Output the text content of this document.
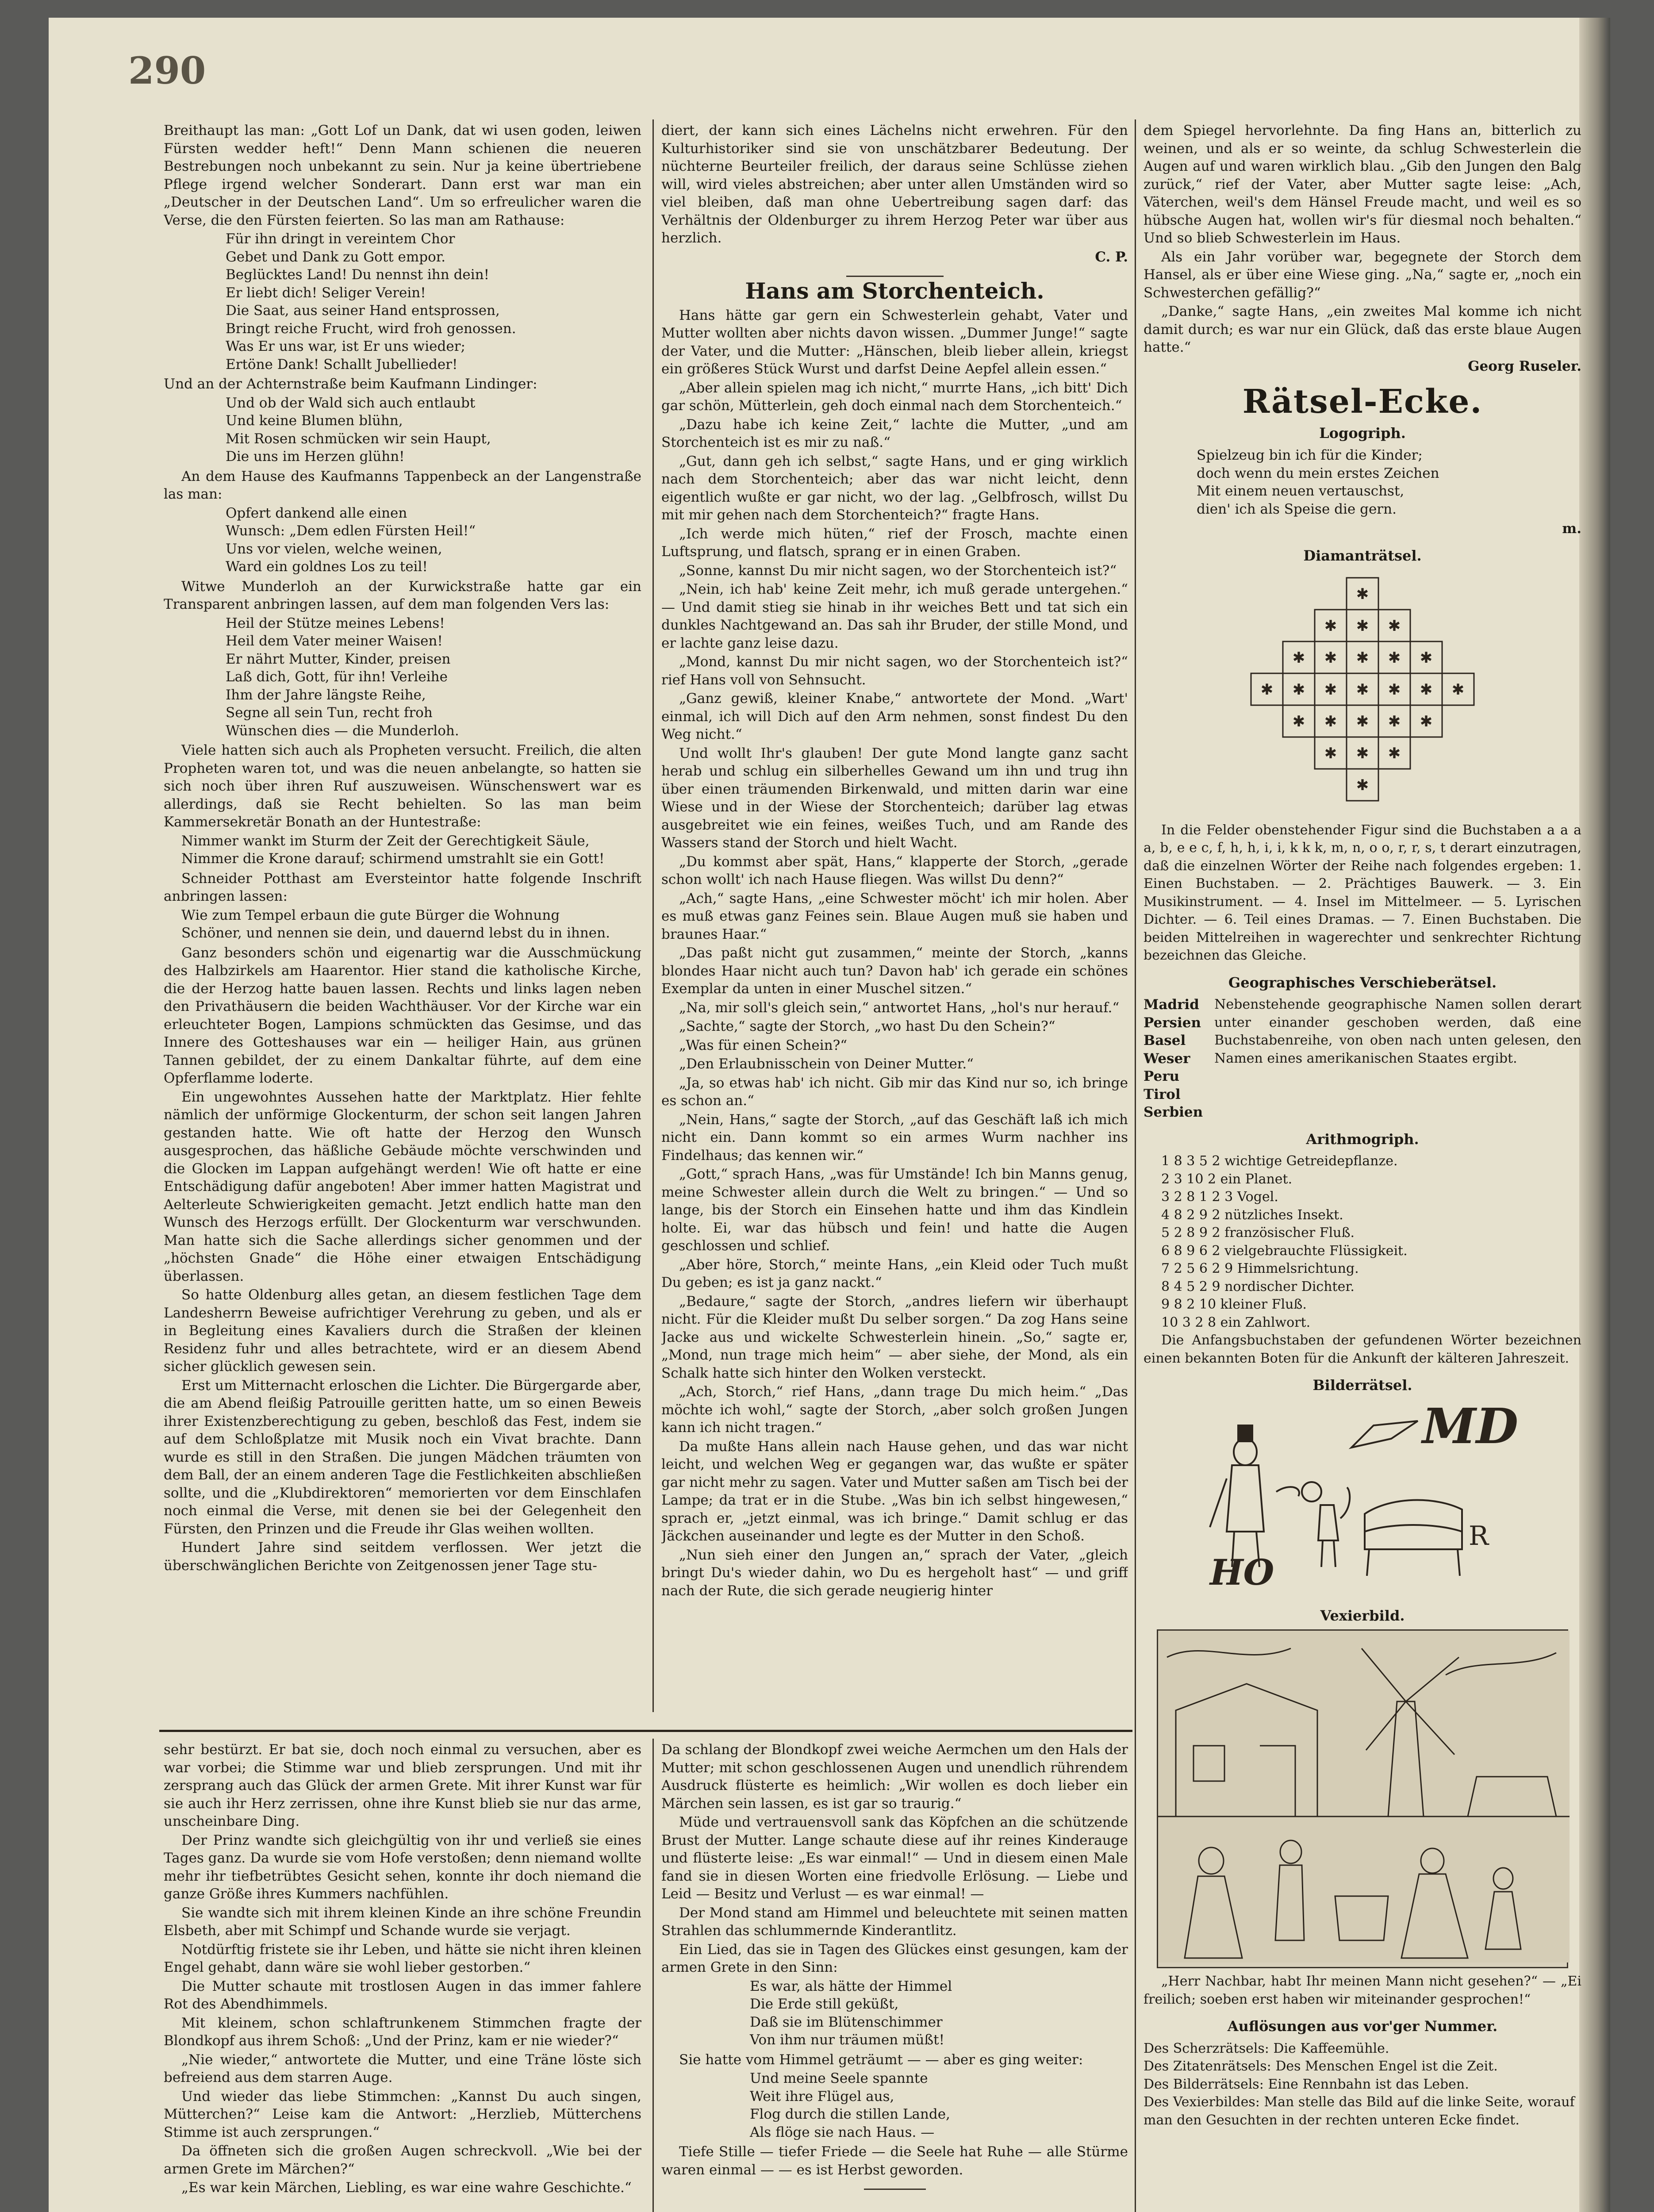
290

Breithaupt las man: „Gott Lof un Dank, dat wi usen goden, leiwen Fürsten wedder heft!“ Denn Mann schienen die neueren Bestrebungen noch unbekannt zu sein. Nur ja keine übertriebene Pflege irgend welcher Sonderart. Dann erst war man ein „Deutscher in der Deutschen Land“. Um so erfreulicher waren die Verse, die den Fürsten feierten. So las man am Rathause:

Für ihn dringt in vereintem Chor
Gebet und Dank zu Gott empor.
Beglücktes Land! Du nennst ihn dein!
Er liebt dich! Seliger Verein!
Die Saat, aus seiner Hand entsprossen,
Bringt reiche Frucht, wird froh genossen.
Was Er uns war, ist Er uns wieder;
Ertöne Dank! Schallt Jubellieder!

Und an der Achternstraße beim Kaufmann Lindinger:

Und ob der Wald sich auch entlaubt
Und keine Blumen blühn,
Mit Rosen schmücken wir sein Haupt,
Die uns im Herzen glühn!

An dem Hause des Kaufmanns Tappenbeck an der Langenstraße las man:

Opfert dankend alle einen
Wunsch: „Dem edlen Fürsten Heil!“
Uns vor vielen, welche weinen,
Ward ein goldnes Los zu teil!

Witwe Munderloh an der Kurwickstraße hatte gar ein Transparent anbringen lassen, auf dem man folgenden Vers las:

Heil der Stütze meines Lebens!
Heil dem Vater meiner Waisen!
Er nährt Mutter, Kinder, preisen
Laß dich, Gott, für ihn! Verleihe
Ihm der Jahre längste Reihe,
Segne all sein Tun, recht froh
Wünschen dies — die Munderloh.

Viele hatten sich auch als Propheten versucht. Freilich, die alten Propheten waren tot, und was die neuen anbelangte, so hatten sie sich noch über ihren Ruf auszuweisen. Wünschenswert war es allerdings, daß sie Recht behielten. So las man beim Kammersekretär Bonath an der Huntestraße:

Nimmer wankt im Sturm der Zeit der Gerechtigkeit Säule,
Nimmer die Krone darauf; schirmend umstrahlt sie ein Gott!

Schneider Potthast am Eversteintor hatte folgende Inschrift anbringen lassen:

Wie zum Tempel erbaun die gute Bürger die Wohnung
Schöner, und nennen sie dein, und dauernd lebst du in ihnen.

Ganz besonders schön und eigenartig war die Ausschmückung des Halbzirkels am Haarentor. Hier stand die katholische Kirche, die der Herzog hatte bauen lassen. Rechts und links lagen neben den Privathäusern die beiden Wachthäuser. Vor der Kirche war ein erleuchteter Bogen, Lampions schmückten das Gesimse, und das Innere des Gotteshauses war ein — heiliger Hain, aus grünen Tannen gebildet, der zu einem Dankaltar führte, auf dem eine Opferflamme loderte.

Ein ungewohntes Aussehen hatte der Marktplatz. Hier fehlte nämlich der unförmige Glockenturm, der schon seit langen Jahren gestanden hatte. Wie oft hatte der Herzog den Wunsch ausgesprochen, das häßliche Gebäude möchte verschwinden und die Glocken im Lappan aufgehängt werden! Wie oft hatte er eine Entschädigung dafür angeboten! Aber immer hatten Magistrat und Aelterleute Schwierigkeiten gemacht. Jetzt endlich hatte man den Wunsch des Herzogs erfüllt. Der Glockenturm war verschwunden. Man hatte sich die Sache allerdings sicher genommen und der „höchsten Gnade“ die Höhe einer etwaigen Entschädigung überlassen.

So hatte Oldenburg alles getan, an diesem festlichen Tage dem Landesherrn Beweise aufrichtiger Verehrung zu geben, und als er in Begleitung eines Kavaliers durch die Straßen der kleinen Residenz fuhr und alles betrachtete, wird er an diesem Abend sicher glücklich gewesen sein.

Erst um Mitternacht erloschen die Lichter. Die Bürgergarde aber, die am Abend fleißig Patrouille geritten hatte, um so einen Beweis ihrer Existenzberechtigung zu geben, beschloß das Fest, indem sie auf dem Schloßplatze mit Musik noch ein Vivat brachte. Dann wurde es still in den Straßen. Die jungen Mädchen träumten von dem Ball, der an einem anderen Tage die Festlichkeiten abschließen sollte, und die „Klubdirektoren“ memorierten vor dem Einschlafen noch einmal die Verse, mit denen sie bei der Gelegenheit den Fürsten, den Prinzen und die Freude ihr Glas weihen wollten.

Hundert Jahre sind seitdem verflossen. Wer jetzt die überschwänglichen Berichte von Zeitgenossen jener Tage stu-

diert, der kann sich eines Lächelns nicht erwehren. Für den Kulturhistoriker sind sie von unschätzbarer Bedeutung. Der nüchterne Beurteiler freilich, der daraus seine Schlüsse ziehen will, wird vieles abstreichen; aber unter allen Umständen wird so viel bleiben, daß man ohne Uebertreibung sagen darf: das Verhältnis der Oldenburger zu ihrem Herzog Peter war über aus herzlich.

C. P.
Hans am Storchenteich.

Hans hätte gar gern ein Schwesterlein gehabt, Vater und Mutter wollten aber nichts davon wissen. „Dummer Junge!“ sagte der Vater, und die Mutter: „Hänschen, bleib lieber allein, kriegst ein größeres Stück Wurst und darfst Deine Aepfel allein essen.“

„Aber allein spielen mag ich nicht,“ murrte Hans, „ich bitt' Dich gar schön, Mütterlein, geh doch einmal nach dem Storchenteich.“

„Dazu habe ich keine Zeit,“ lachte die Mutter, „und am Storchenteich ist es mir zu naß.“

„Gut, dann geh ich selbst,“ sagte Hans, und er ging wirklich nach dem Storchenteich; aber das war nicht leicht, denn eigentlich wußte er gar nicht, wo der lag. „Gelbfrosch, willst Du mit mir gehen nach dem Storchenteich?“ fragte Hans.

„Ich werde mich hüten,“ rief der Frosch, machte einen Luftsprung, und flatsch, sprang er in einen Graben.

„Sonne, kannst Du mir nicht sagen, wo der Storchenteich ist?“

„Nein, ich hab' keine Zeit mehr, ich muß gerade untergehen.“ — Und damit stieg sie hinab in ihr weiches Bett und tat sich ein dunkles Nachtgewand an. Das sah ihr Bruder, der stille Mond, und er lachte ganz leise dazu.

„Mond, kannst Du mir nicht sagen, wo der Storchenteich ist?“ rief Hans voll von Sehnsucht.

„Ganz gewiß, kleiner Knabe,“ antwortete der Mond. „Wart' einmal, ich will Dich auf den Arm nehmen, sonst findest Du den Weg nicht.“

Und wollt Ihr's glauben! Der gute Mond langte ganz sacht herab und schlug ein silberhelles Gewand um ihn und trug ihn über einen träumenden Birkenwald, und mitten darin war eine Wiese und in der Wiese der Storchenteich; darüber lag etwas ausgebreitet wie ein feines, weißes Tuch, und am Rande des Wassers stand der Storch und hielt Wacht.

„Du kommst aber spät, Hans,“ klapperte der Storch, „gerade schon wollt' ich nach Hause fliegen. Was willst Du denn?“

„Ach,“ sagte Hans, „eine Schwester möcht' ich mir holen. Aber es muß etwas ganz Feines sein. Blaue Augen muß sie haben und braunes Haar.“

„Das paßt nicht gut zusammen,“ meinte der Storch, „kanns blondes Haar nicht auch tun? Davon hab' ich gerade ein schönes Exemplar da unten in einer Muschel sitzen.“

„Na, mir soll's gleich sein,“ antwortet Hans, „hol's nur herauf.“

„Sachte,“ sagte der Storch, „wo hast Du den Schein?“

„Was für einen Schein?“

„Den Erlaubnisschein von Deiner Mutter.“

„Ja, so etwas hab' ich nicht. Gib mir das Kind nur so, ich bringe es schon an.“

„Nein, Hans,“ sagte der Storch, „auf das Geschäft laß ich mich nicht ein. Dann kommt so ein armes Wurm nachher ins Findelhaus; das kennen wir.“

„Gott,“ sprach Hans, „was für Umstände! Ich bin Manns genug, meine Schwester allein durch die Welt zu bringen.“ — Und so lange, bis der Storch ein Einsehen hatte und ihm das Kindlein holte. Ei, war das hübsch und fein! und hatte die Augen geschlossen und schlief.

„Aber höre, Storch,“ meinte Hans, „ein Kleid oder Tuch mußt Du geben; es ist ja ganz nackt.“

„Bedaure,“ sagte der Storch, „andres liefern wir überhaupt nicht. Für die Kleider mußt Du selber sorgen.“ Da zog Hans seine Jacke aus und wickelte Schwesterlein hinein. „So,“ sagte er, „Mond, nun trage mich heim“ — aber siehe, der Mond, als ein Schalk hatte sich hinter den Wolken versteckt.

„Ach, Storch,“ rief Hans, „dann trage Du mich heim.“ „Das möchte ich wohl,“ sagte der Storch, „aber solch großen Jungen kann ich nicht tragen.“

Da mußte Hans allein nach Hause gehen, und das war nicht leicht, und welchen Weg er gegangen war, das wußte er später gar nicht mehr zu sagen. Vater und Mutter saßen am Tisch bei der Lampe; da trat er in die Stube. „Was bin ich selbst hingewesen,“ sprach er, „jetzt einmal, was ich bringe.“ Damit schlug er das Jäckchen auseinander und legte es der Mutter in den Schoß.

„Nun sieh einer den Jungen an,“ sprach der Vater, „gleich bringt Du's wieder dahin, wo Du es hergeholt hast“ — und griff nach der Rute, die sich gerade neugierig hinter

dem Spiegel hervorlehnte. Da fing Hans an, bitterlich zu weinen, und als er so weinte, da schlug Schwesterlein die Augen auf und waren wirklich blau. „Gib den Jungen den Balg zurück,“ rief der Vater, aber Mutter sagte leise: „Ach, Väterchen, weil's dem Hänsel Freude macht, und weil es so hübsche Augen hat, wollen wir's für diesmal noch behalten.“ Und so blieb Schwesterlein im Haus.

Als ein Jahr vorüber war, begegnete der Storch dem Hansel, als er über eine Wiese ging. „Na,“ sagte er, „noch ein Schwesterchen gefällig?“

„Danke,“ sagte Hans, „ein zweites Mal komme ich nicht damit durch; es war nur ein Glück, daß das erste blaue Augen hatte.“

Georg Ruseler.
Rätsel-Ecke.
Logogriph.
Spielzeug bin ich für die Kinder;
doch wenn du mein erstes Zeichen
Mit einem neuen vertauschst,
dien' ich als Speise die gern.
m.
Diamanträtsel.
✱
✱ ✱ ✱
✱ ✱ ✱ ✱ ✱
✱ ✱ ✱ ✱ ✱ ✱ ✱
✱ ✱ ✱ ✱ ✱
✱ ✱ ✱
✱

In die Felder obenstehender Figur sind die Buchstaben a a a a, b, e e c, f, h, h, i, i, k k k, m, n, o o, r, r, s, t derart einzutragen, daß die einzelnen Wörter der Reihe nach folgendes ergeben: 1. Einen Buchstaben. — 2. Prächtiges Bauwerk. — 3. Ein Musikinstrument. — 4. Insel im Mittelmeer. — 5. Lyrischen Dichter. — 6. Teil eines Dramas. — 7. Einen Buchstaben. Die beiden Mittelreihen in wagerechter und senkrechter Richtung bezeichnen das Gleiche.

Geographisches Verschieberätsel.
Madrid
Persien
Basel
Weser
Peru
Tirol
Serbien
Nebenstehende geographische Namen sollen derart unter einander geschoben werden, daß eine Buchstabenreihe, von oben nach unten gelesen, den Namen eines amerikanischen Staates ergibt.
Arithmogriph.
1 8 3 5 2 wichtige Getreidepflanze.
2 3 10 2 ein Planet.
3 2 8 1 2 3 Vogel.
4 8 2 9 2 nützliches Insekt.
5 2 8 9 2 französischer Fluß.
6 8 9 6 2 vielgebrauchte Flüssigkeit.
7 2 5 6 2 9 Himmelsrichtung.
8 4 5 2 9 nordischer Dichter.
9 8 2 10 kleiner Fluß.
10 3 2 8 ein Zahlwort.

Die Anfangsbuchstaben der gefundenen Wörter bezeichnen einen bekannten Boten für die Ankunft der kälteren Jahreszeit.

Bilderrätsel.
MD
HO
R
Vexierbild.

„Herr Nachbar, habt Ihr meinen Mann nicht gesehen?“ — „Ei freilich; soeben erst haben wir miteinander gesprochen!“

Auflösungen aus vor'ger Nummer.
Des Scherzrätsels: Die Kaffeemühle.
Des Zitatenrätsels: Des Menschen Engel ist die Zeit.
Des Bilderrätsels: Eine Rennbahn ist das Leben.
Des Vexierbildes: Man stelle das Bild auf die linke Seite, worauf man den Gesuchten in der rechten unteren Ecke findet.

sehr bestürzt. Er bat sie, doch noch einmal zu versuchen, aber es war vorbei; die Stimme war und blieb zersprungen. Und mit ihr zersprang auch das Glück der armen Grete. Mit ihrer Kunst war für sie auch ihr Herz zerrissen, ohne ihre Kunst blieb sie nur das arme, unscheinbare Ding.

Der Prinz wandte sich gleichgültig von ihr und verließ sie eines Tages ganz. Da wurde sie vom Hofe verstoßen; denn niemand wollte mehr ihr tiefbetrübtes Gesicht sehen, konnte ihr doch niemand die ganze Größe ihres Kummers nachfühlen.

Sie wandte sich mit ihrem kleinen Kinde an ihre schöne Freundin Elsbeth, aber mit Schimpf und Schande wurde sie verjagt.

Notdürftig fristete sie ihr Leben, und hätte sie nicht ihren kleinen Engel gehabt, dann wäre sie wohl lieber gestorben.“

Die Mutter schaute mit trostlosen Augen in das immer fahlere Rot des Abendhimmels.

Mit kleinem, schon schlaftrunkenem Stimmchen fragte der Blondkopf aus ihrem Schoß: „Und der Prinz, kam er nie wieder?“

„Nie wieder,“ antwortete die Mutter, und eine Träne löste sich befreiend aus dem starren Auge.

Und wieder das liebe Stimmchen: „Kannst Du auch singen, Mütterchen?“ Leise kam die Antwort: „Herzlieb, Mütterchens Stimme ist auch zersprungen.“

Da öffneten sich die großen Augen schreckvoll. „Wie bei der armen Grete im Märchen?“

„Es war kein Märchen, Liebling, es war eine wahre Geschichte.“

Da schlang der Blondkopf zwei weiche Aermchen um den Hals der Mutter; mit schon geschlossenen Augen und unendlich rührendem Ausdruck flüsterte es heimlich: „Wir wollen es doch lieber ein Märchen sein lassen, es ist gar so traurig.“

Müde und vertrauensvoll sank das Köpfchen an die schützende Brust der Mutter. Lange schaute diese auf ihr reines Kinderauge und flüsterte leise: „Es war einmal!“ — Und in diesem einen Male fand sie in diesen Worten eine friedvolle Erlösung. — Liebe und Leid — Besitz und Verlust — es war einmal! —

Der Mond stand am Himmel und beleuchtete mit seinen matten Strahlen das schlummernde Kinderantlitz.

Ein Lied, das sie in Tagen des Glückes einst gesungen, kam der armen Grete in den Sinn:

Es war, als hätte der Himmel
Die Erde still geküßt,
Daß sie im Blütenschimmer
Von ihm nur träumen müßt!

Sie hatte vom Himmel geträumt — — aber es ging weiter:

Und meine Seele spannte
Weit ihre Flügel aus,
Flog durch die stillen Lande,
Als flöge sie nach Haus. —

Tiefe Stille — tiefer Friede — die Seele hat Ruhe — alle Stürme waren einmal — — es ist Herbst geworden.
